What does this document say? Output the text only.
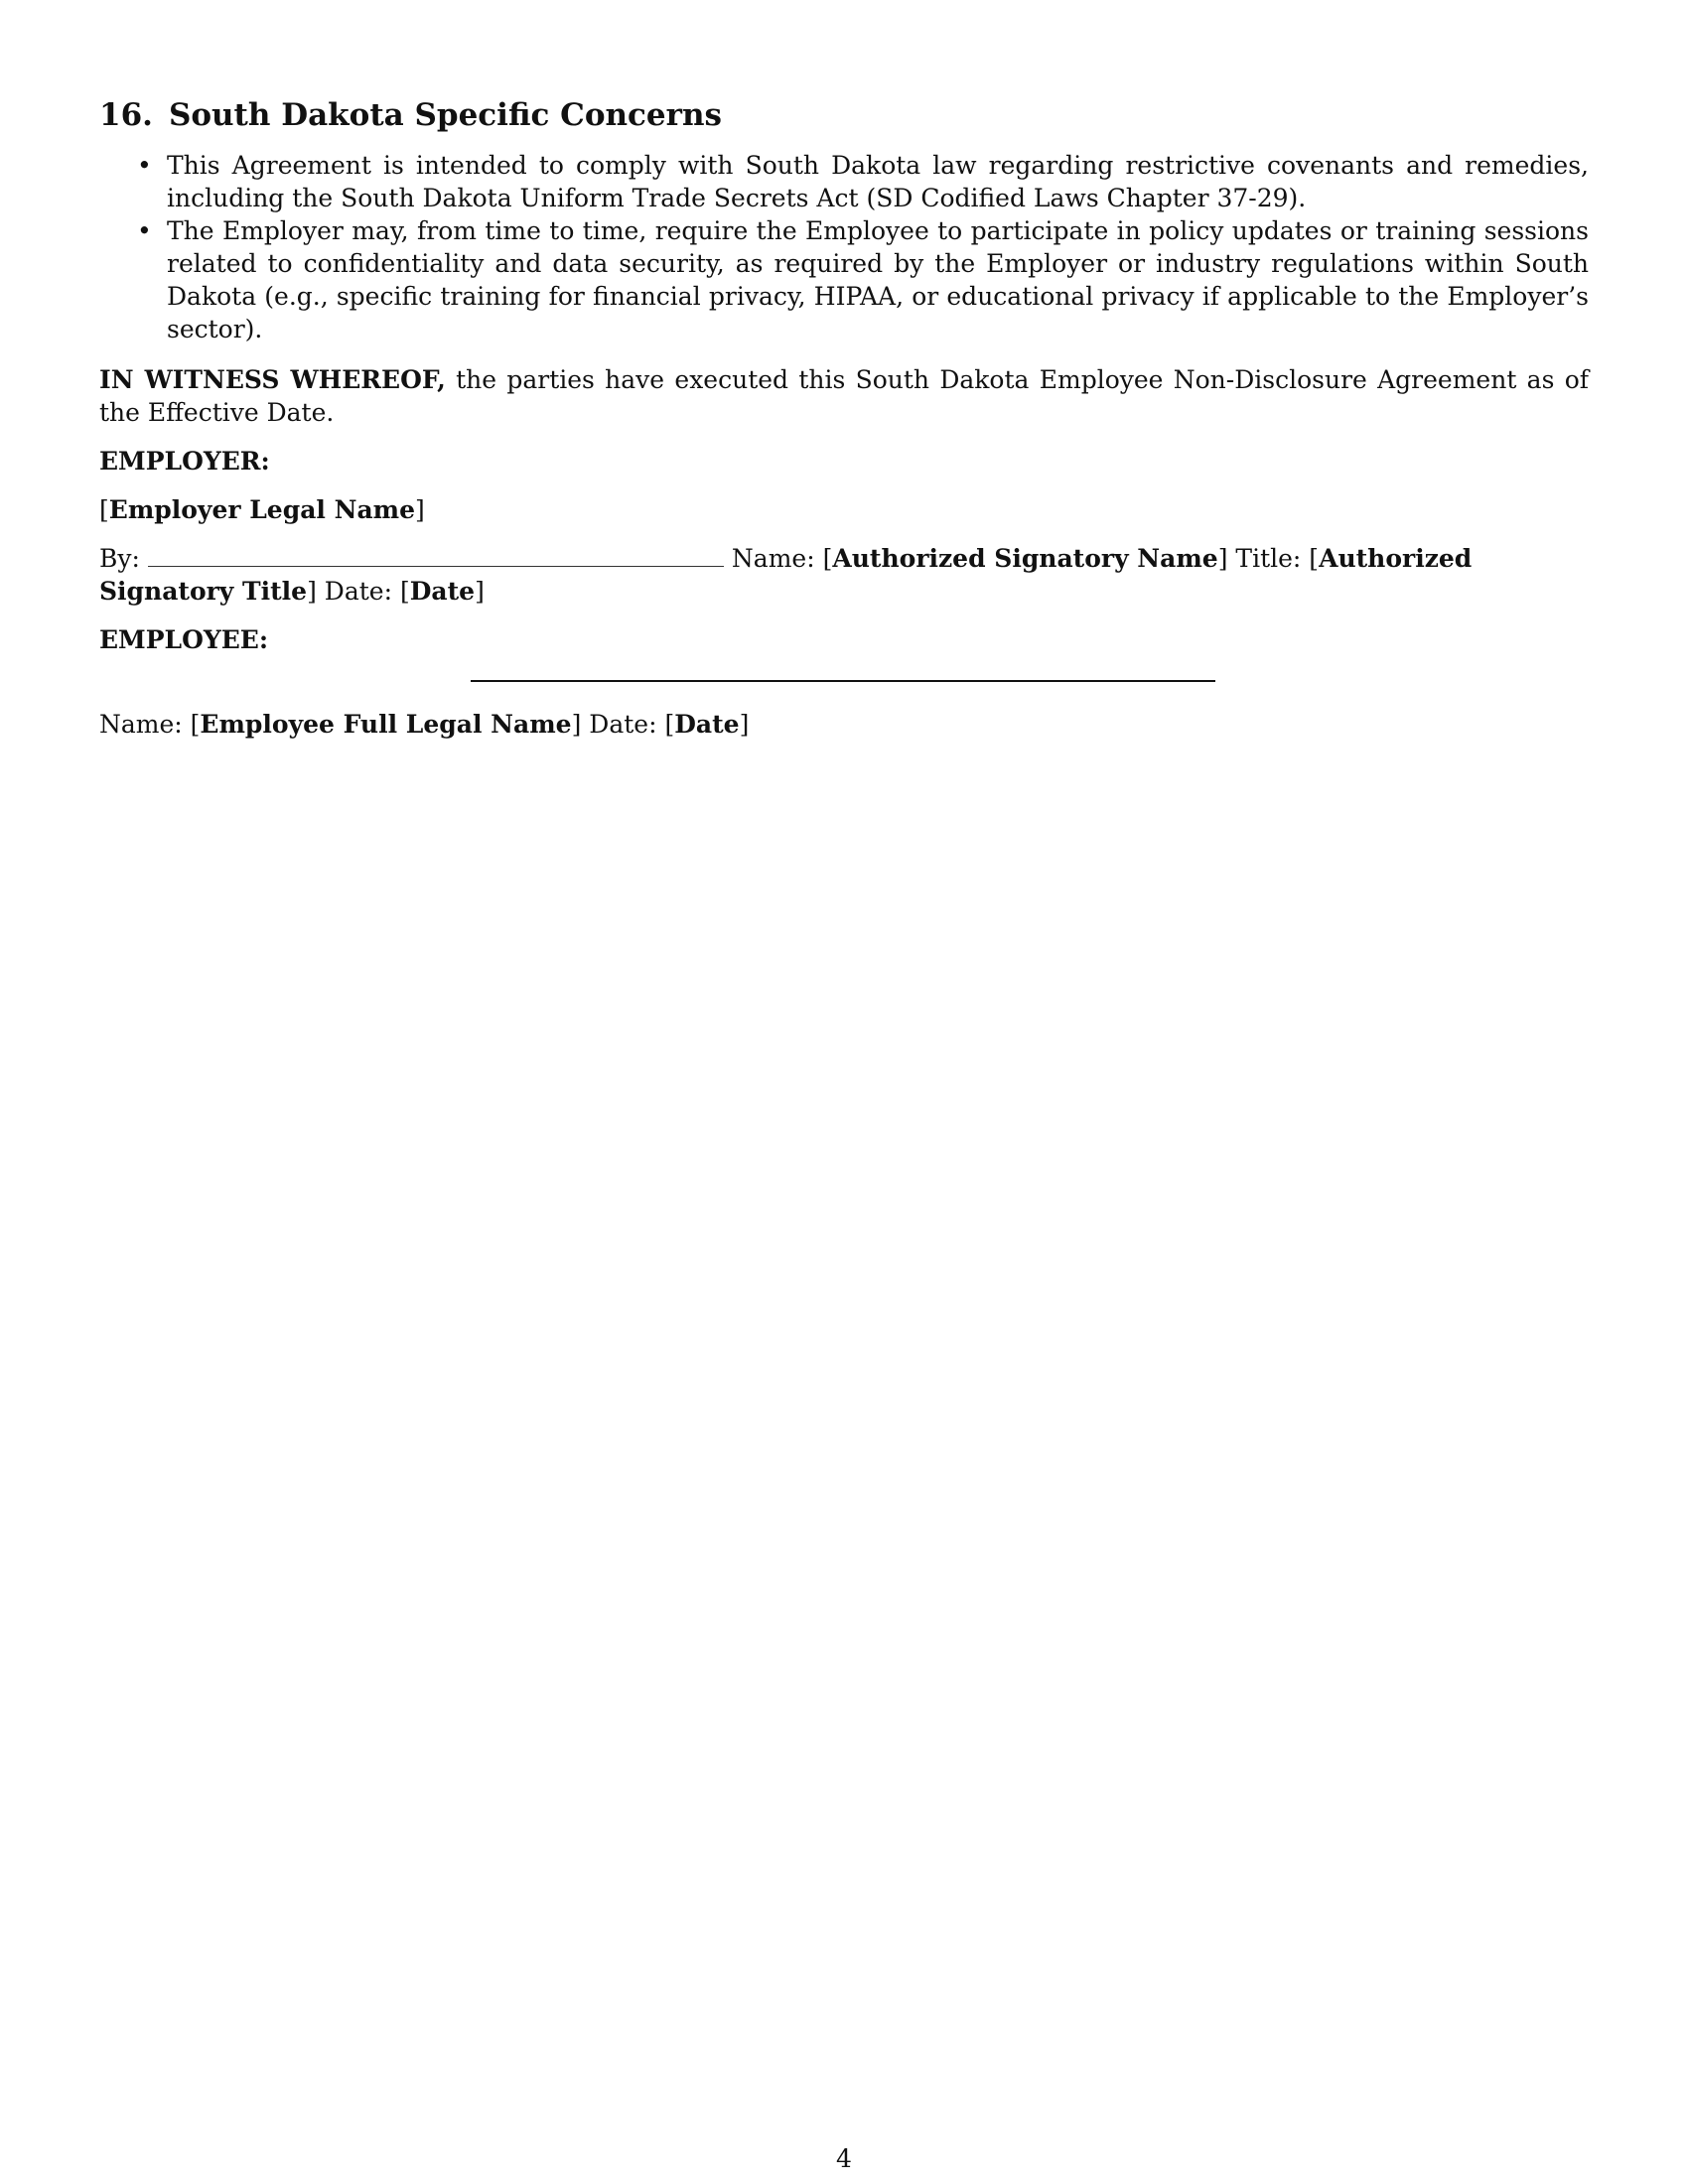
16. South Dakota Specific Concerns
• This Agreement is intended to comply with South Dakota law regarding restrictive covenants and remedies, including the South Dakota Uniform Trade Secrets Act (SD Codified Laws Chapter 37-29).
• The Employer may, from time to time, require the Employee to participate in policy updates or training sessions related to confidentiality and data security, as required by the Employer or industry regulations within South Dakota (e.g., specific training for financial privacy, HIPAA, or educational privacy if applicable to the Employer’s sector).

IN WITNESS WHEREOF, the parties have executed this South Dakota Employee Non-Disclosure Agreement as of the Effective Date.

EMPLOYER:

[Employer Legal Name]

By:	Name: [Authorized Signatory Name] Title: [Authorized Signatory Title] Date: [Date]

EMPLOYEE:

Name: [Employee Full Legal Name] Date: [Date]

4
